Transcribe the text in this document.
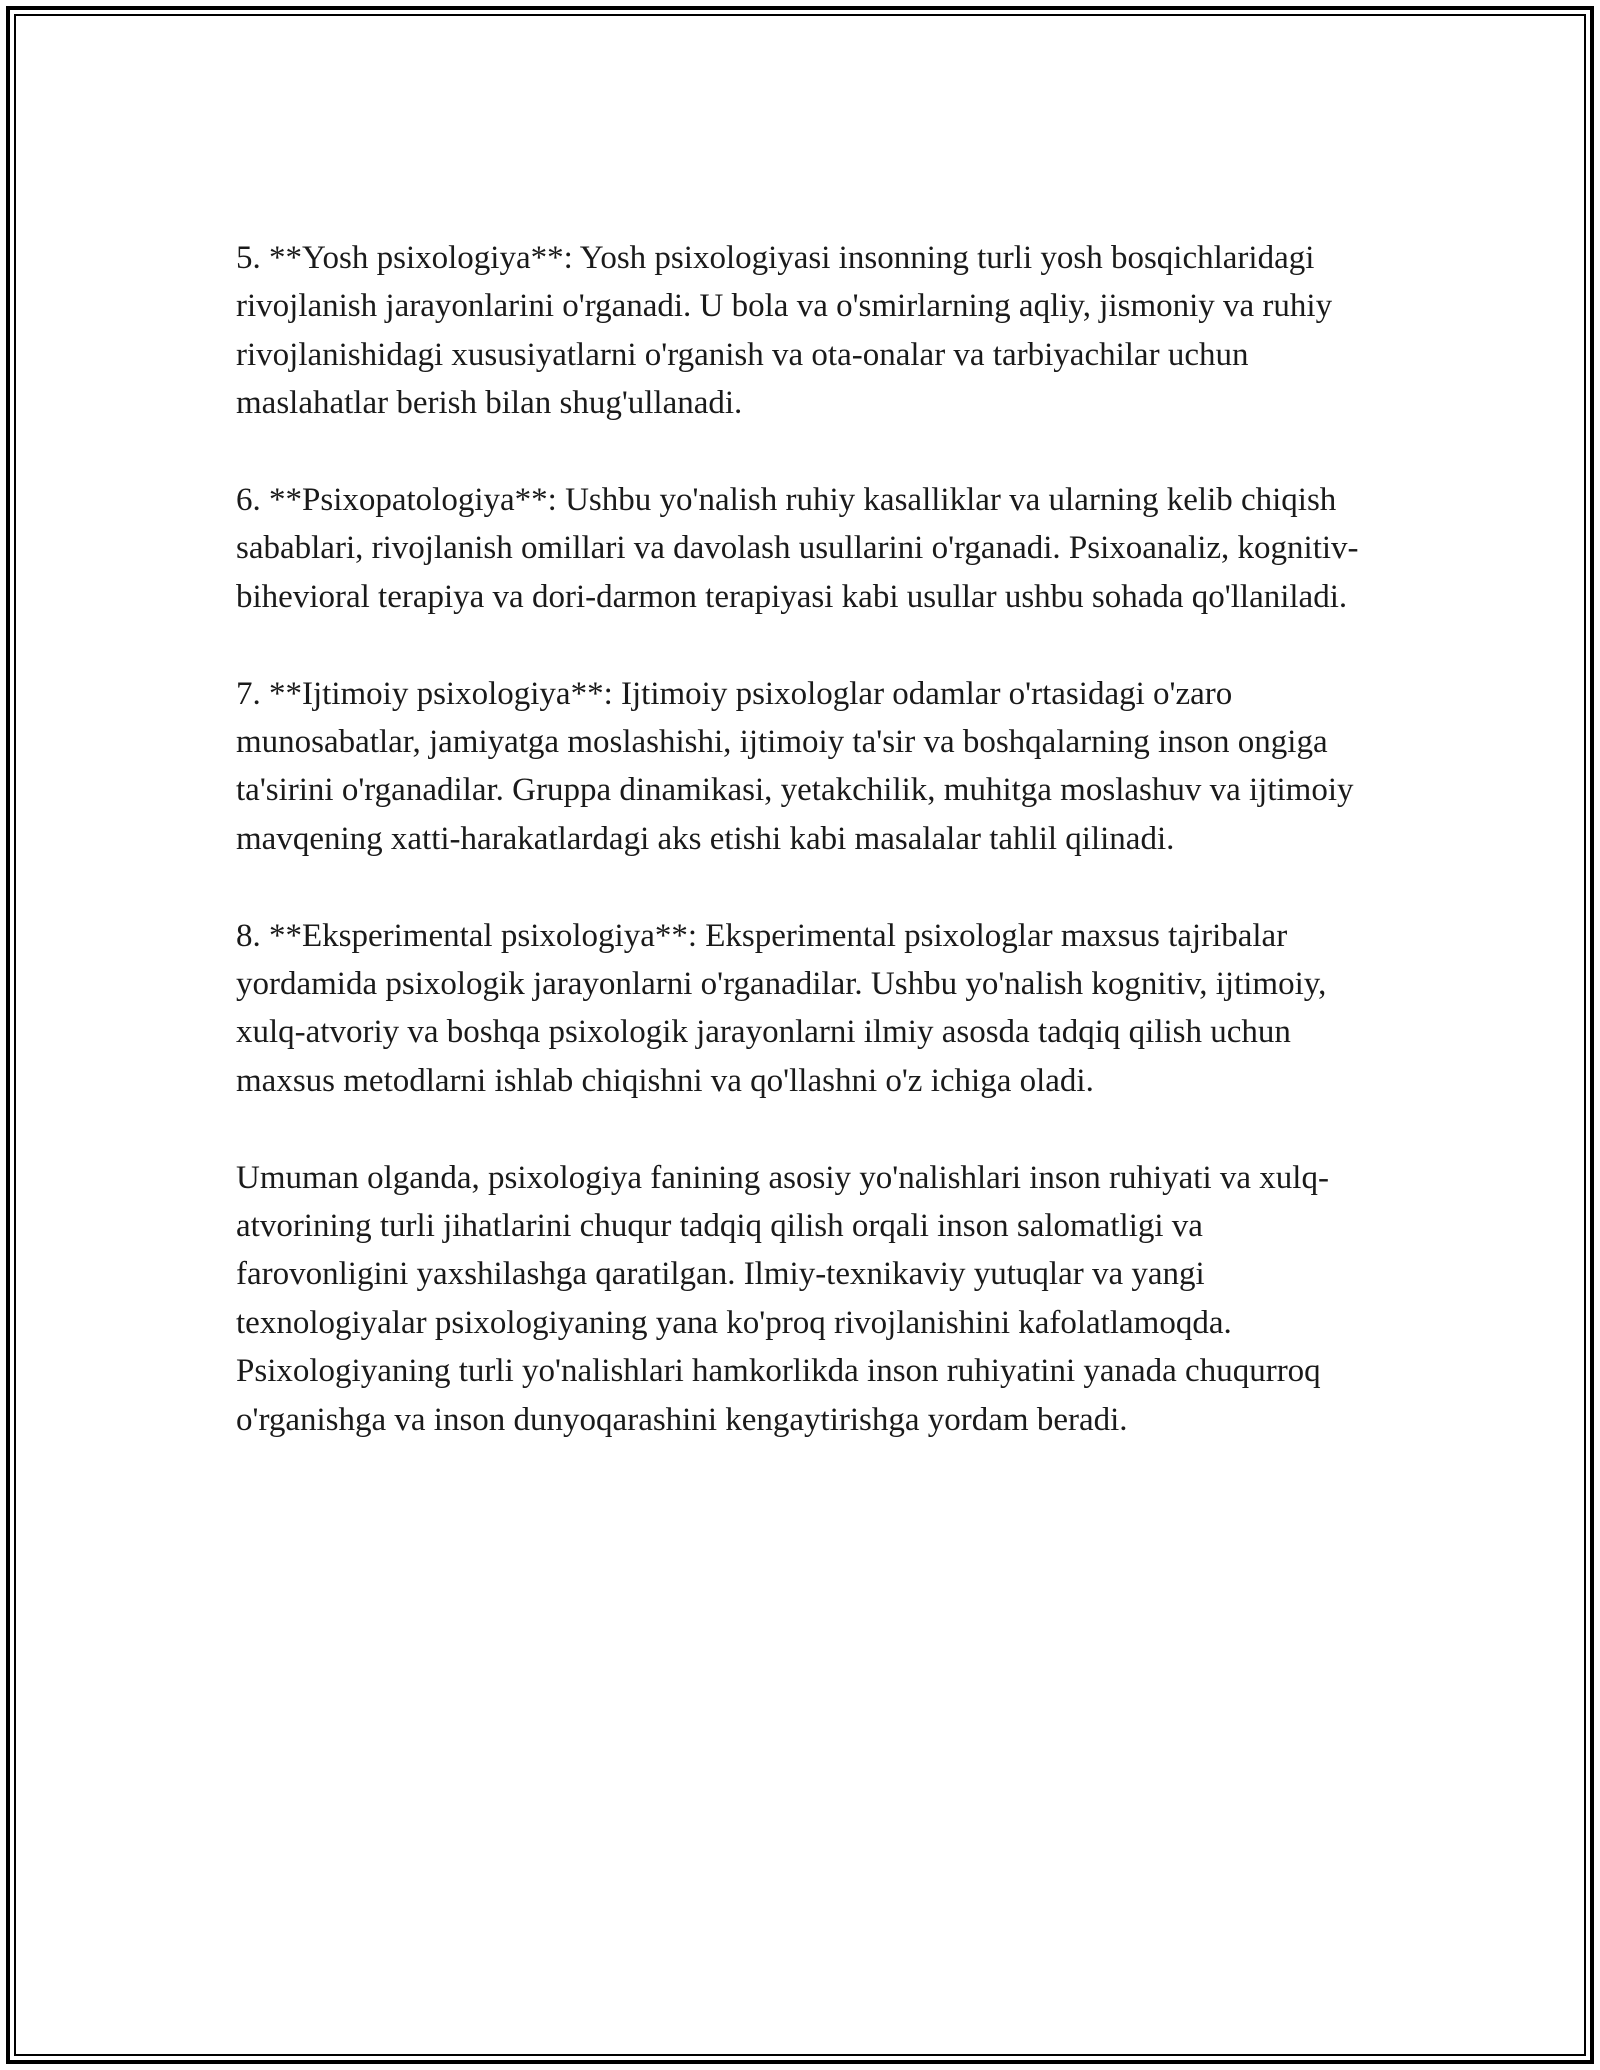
5. **Yosh psixologiya**: Yosh psixologiyasi insonning turli yosh bosqichlaridagi rivojlanish jarayonlarini o'rganadi. U bola va o'smirlarning aqliy, jismoniy va ruhiy rivojlanishidagi xususiyatlarni o'rganish va ota-onalar va tarbiyachilar uchun maslahatlar berish bilan shug'ullanadi.

6. **Psixopatologiya**: Ushbu yo'nalish ruhiy kasalliklar va ularning kelib chiqish sabablari, rivojlanish omillari va davolash usullarini o'rganadi. Psixoanaliz, kognitiv-bihevioral terapiya va dori-darmon terapiyasi kabi usullar ushbu sohada qo'llaniladi.

7. **Ijtimoiy psixologiya**: Ijtimoiy psixologlar odamlar o'rtasidagi o'zaro munosabatlar, jamiyatga moslashishi, ijtimoiy ta'sir va boshqalarning inson ongiga ta'sirini o'rganadilar. Gruppa dinamikasi, yetakchilik, muhitga moslashuv va ijtimoiy mavqening xatti-harakatlardagi aks etishi kabi masalalar tahlil qilinadi.

8. **Eksperimental psixologiya**: Eksperimental psixologlar maxsus tajribalar yordamida psixologik jarayonlarni o'rganadilar. Ushbu yo'nalish kognitiv, ijtimoiy, xulq-atvoriy va boshqa psixologik jarayonlarni ilmiy asosda tadqiq qilish uchun maxsus metodlarni ishlab chiqishni va qo'llashni o'z ichiga oladi.

Umuman olganda, psixologiya fanining asosiy yo'nalishlari inson ruhiyati va xulq-atvorining turli jihatlarini chuqur tadqiq qilish orqali inson salomatligi va farovonligini yaxshilashga qaratilgan. Ilmiy-texnikaviy yutuqlar va yangi texnologiyalar psixologiyaning yana ko'proq rivojlanishini kafolatlamoqda. Psixologiyaning turli yo'nalishlari hamkorlikda inson ruhiyatini yanada chuqurroq o'rganishga va inson dunyoqarashini kengaytirishga yordam beradi.
